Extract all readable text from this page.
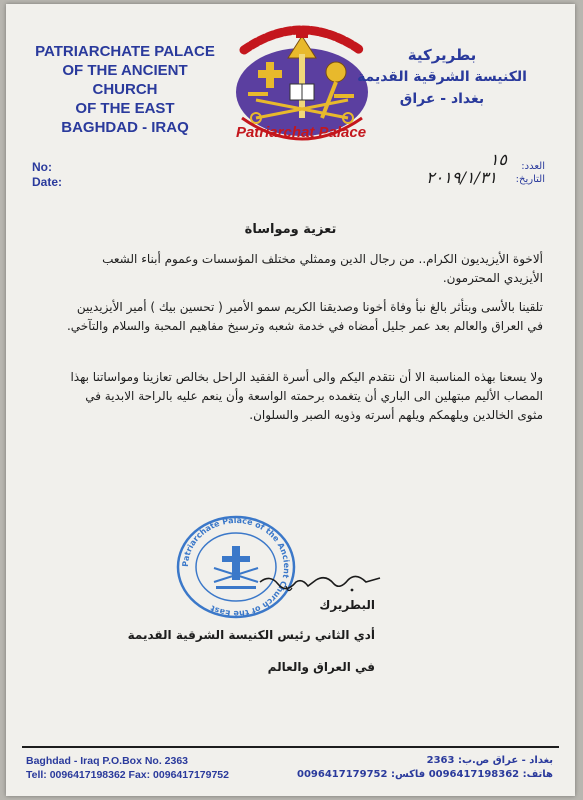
PATRIARCHATE PALACE
OF THE ANCIENT CHURCH
OF THE EAST
BAGHDAD - IRAQ	Patriarchat Palace
بطريركية
الكنيسة الشرقية القديمة
بغداد - عراق
No:
Date:
العدد:
التاريخ:
١٥
٢٠١٩/١/٣١
تعزية ومواساة
ألاخوة الأيزيديون الكرام.. من رجال الدين وممثلي مختلف المؤسسات وعموم أبناء الشعب الأيزيدي المحترمون.
تلقينا بالأسى وبتأثر بالغ نبأ وفاة أخونا وصديقنا الكريم سمو الأمير ( تحسين بيك ) أمير الأيزيديين في العراق والعالم بعد عمر جليل أمضاه في خدمة شعبه وترسيخ مفاهيم المحبة والسلام والتآخي.
ولا يسعنا بهذه المناسبة الا أن نتقدم اليكم والى أسرة الفقيد الراحل بخالص تعازينا ومواساتنا بهذا المصاب الأليم مبتهلين الى الباري أن يتغمده برحمته الواسعة وأن ينعم عليه بالراحة الابدية في مثوى الخالدين ويلهمكم ويلهم أسرته وذويه الصبر والسلوان.
Patriarchate Palace of the Ancient Church of the East	البطريرك
أدي الثاني رئيس الكنيسة الشرقية القديمة
في العراق والعالم
Baghdad - Iraq P.O.Box No. 2363
Tell: 0096417198362 Fax: 0096417179752
بغداد - عراق ص.ب: 2363
هاتف: 0096417198362 فاكس: 0096417179752
